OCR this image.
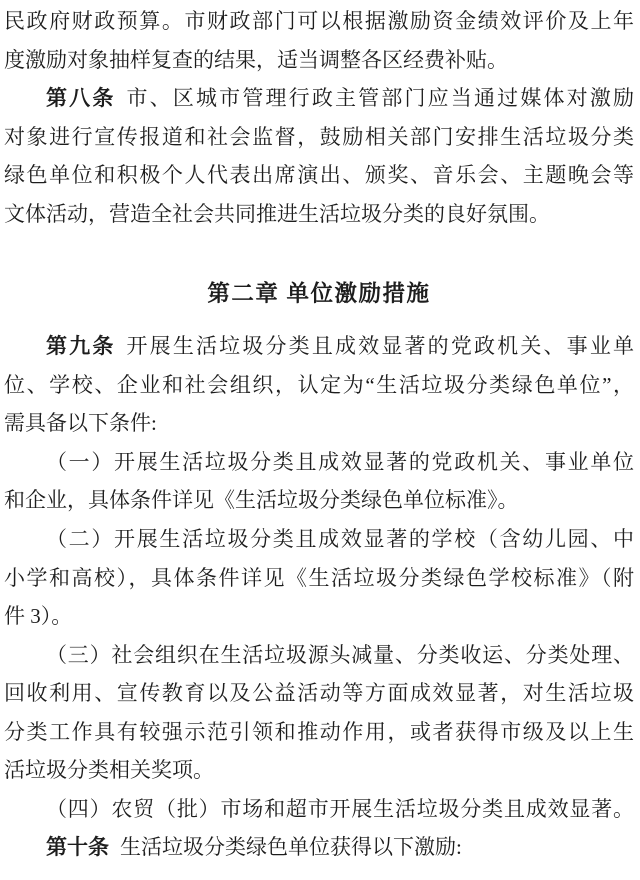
民政府财政预算。市财政部门可以根据激励资金绩效评价及上年
度激励对象抽样复查的结果，适当调整各区经费补贴。
第八条 市、区城市管理行政主管部门应当通过媒体对激励
对象进行宣传报道和社会监督，鼓励相关部门安排生活垃圾分类
绿色单位和积极个人代表出席演出、颁奖、音乐会、主题晚会等
文体活动，营造全社会共同推进生活垃圾分类的良好氛围。
第二章 单位激励措施
第九条 开展生活垃圾分类且成效显著的党政机关、事业单
位、学校、企业和社会组织，认定为“生活垃圾分类绿色单位”，
需具备以下条件:
（一）开展生活垃圾分类且成效显著的党政机关、事业单位
和企业，具体条件详见《生活垃圾分类绿色单位标准》。
（二）开展生活垃圾分类且成效显著的学校（含幼儿园、中
小学和高校），具体条件详见《生活垃圾分类绿色学校标准》（附
件 3）。
（三）社会组织在生活垃圾源头减量、分类收运、分类处理、
回收利用、宣传教育以及公益活动等方面成效显著，对生活垃圾
分类工作具有较强示范引领和推动作用，或者获得市级及以上生
活垃圾分类相关奖项。
（四）农贸（批）市场和超市开展生活垃圾分类且成效显著。
第十条 生活垃圾分类绿色单位获得以下激励:
